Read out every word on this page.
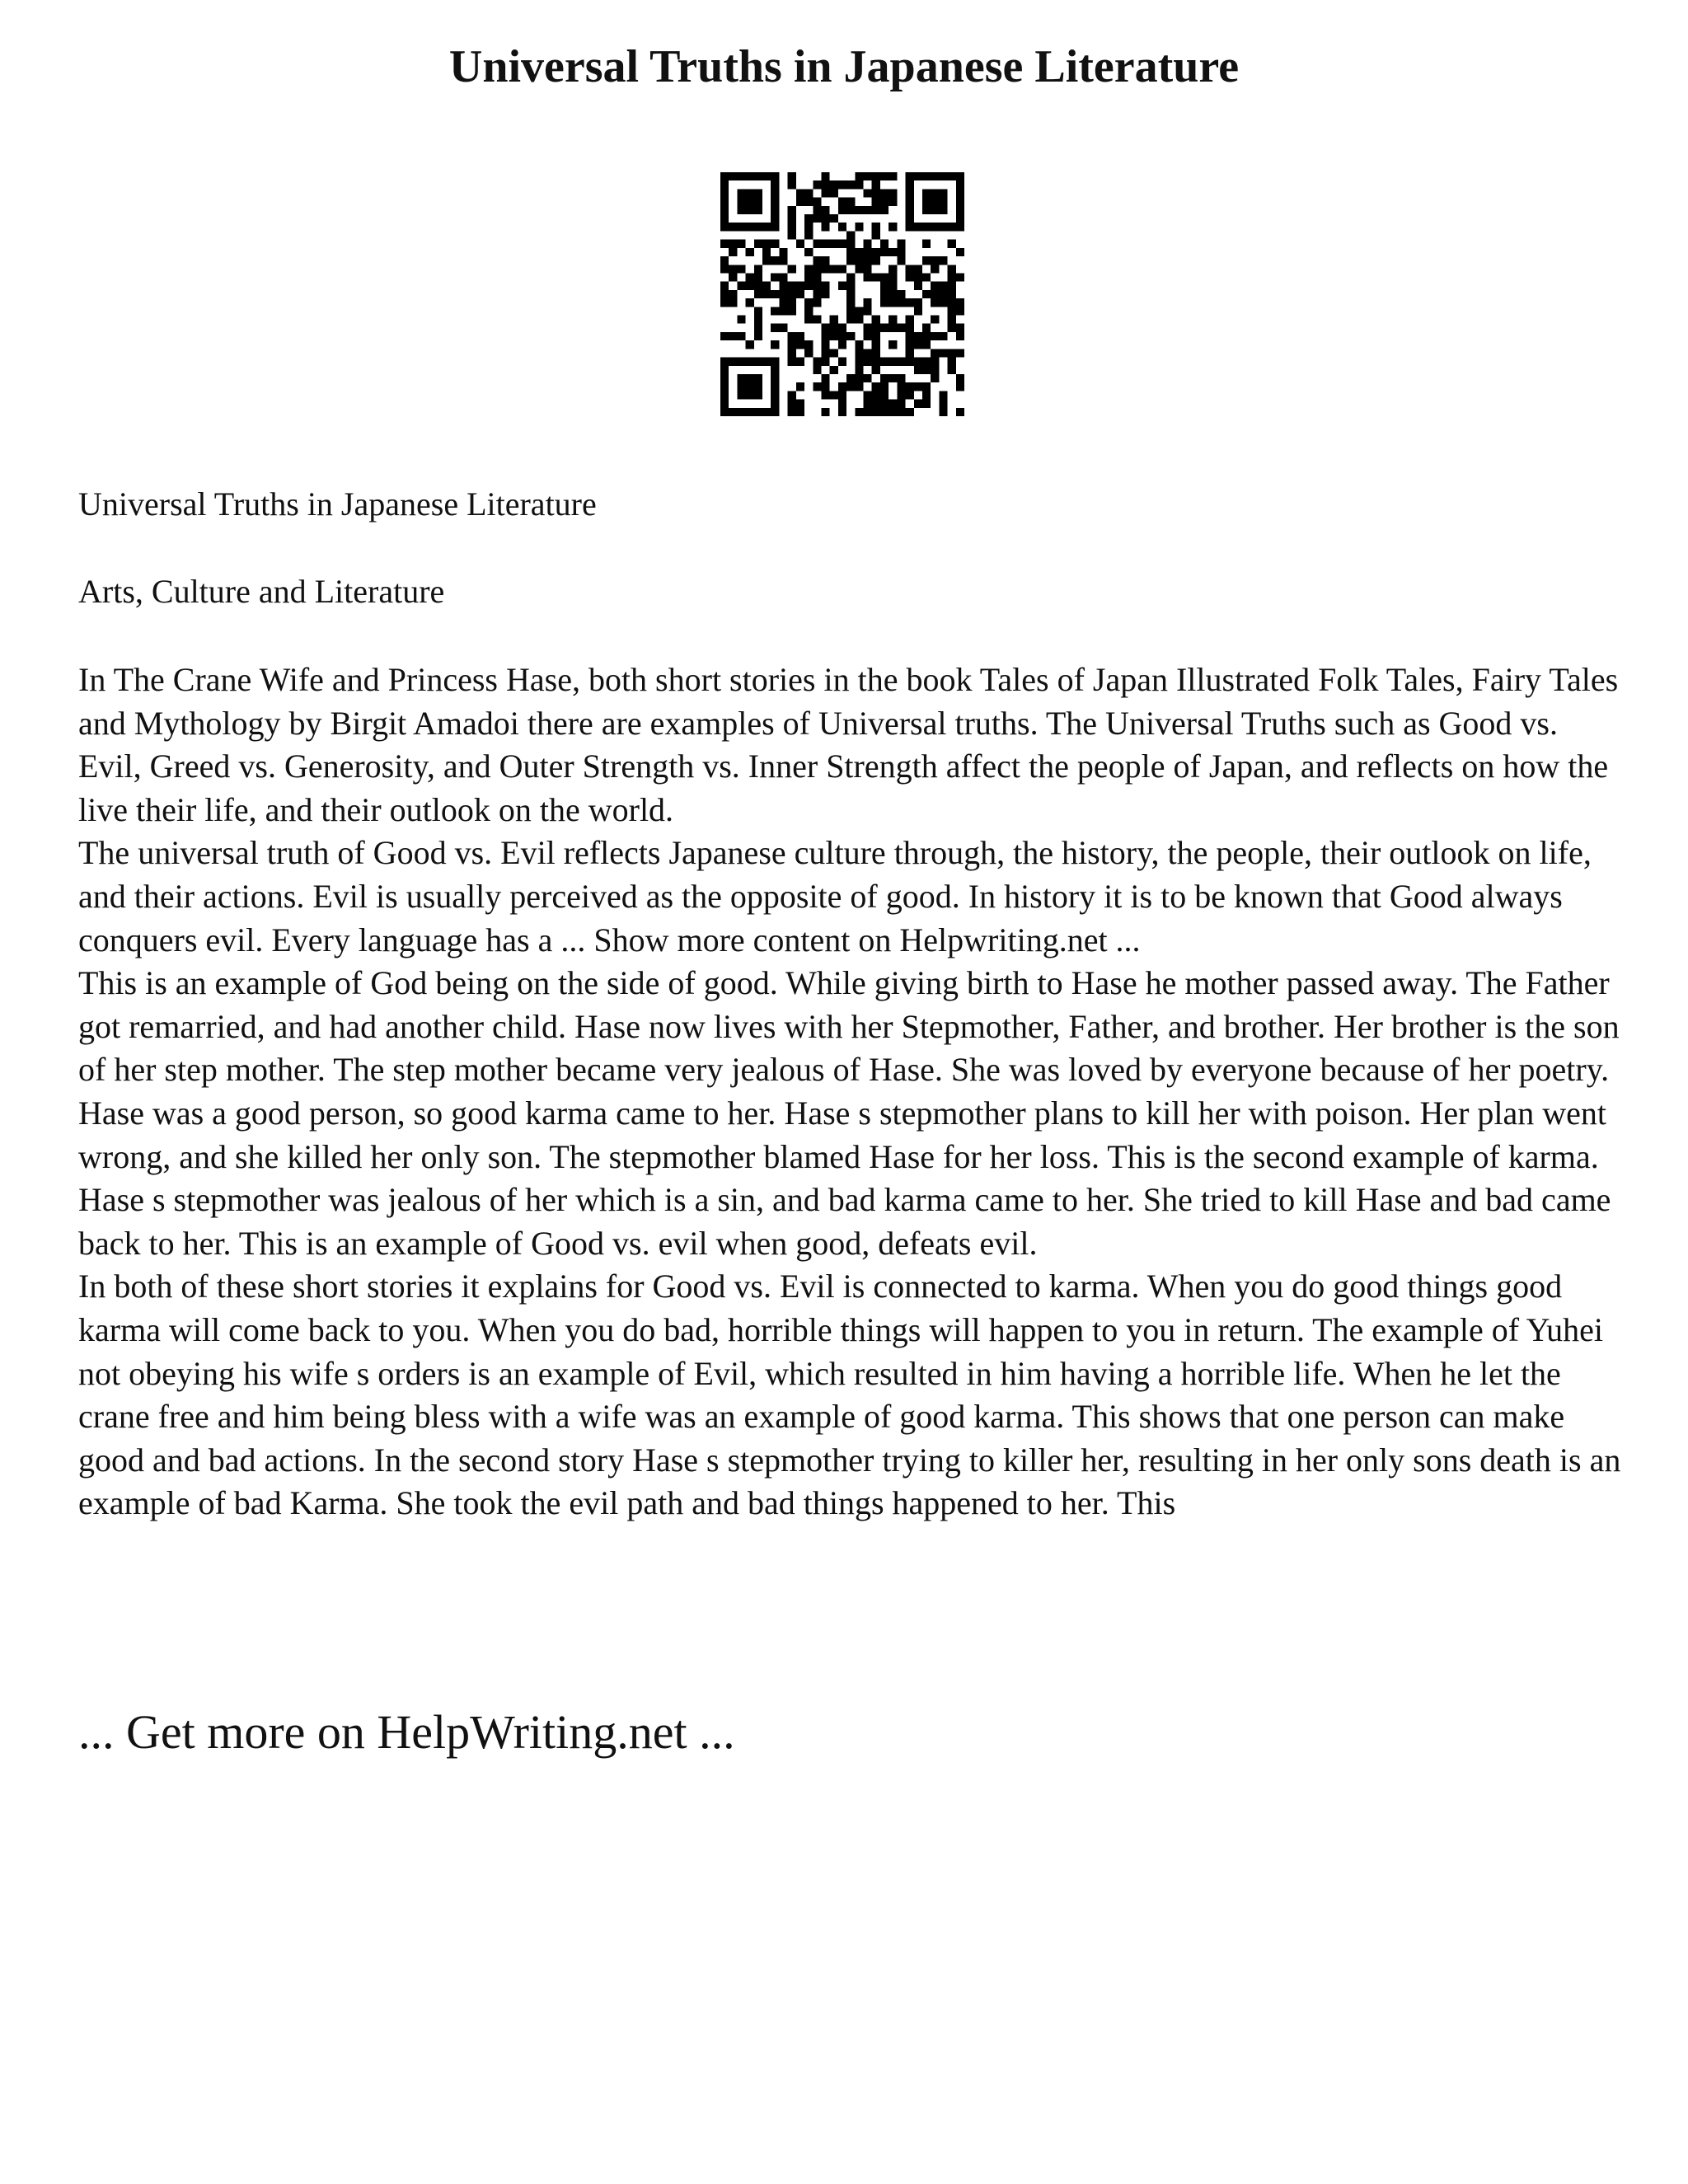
Universal Truths in Japanese Literature

Universal Truths in Japanese Literature

Arts, Culture and Literature

In The Crane Wife and Princess Hase, both short stories in the book Tales of Japan Illustrated Folk Tales, Fairy Tales and Mythology by Birgit Amadoi there are examples of Universal truths. The Universal Truths such as Good vs. Evil, Greed vs. Generosity, and Outer Strength vs. Inner Strength affect the people of Japan, and reflects on how the live their life, and their outlook on the world.

The universal truth of Good vs. Evil reflects Japanese culture through, the history, the people, their outlook on life, and their actions. Evil is usually perceived as the opposite of good. In history it is to be known that Good always conquers evil. Every language has a ... Show more content on Helpwriting.net ...

This is an example of God being on the side of good. While giving birth to Hase he mother passed away. The Father got remarried, and had another child. Hase now lives with her Stepmother, Father, and brother. Her brother is the son of her step mother. The step mother became very jealous of Hase. She was loved by everyone because of her poetry. Hase was a good person, so good karma came to her. Hase s stepmother plans to kill her with poison. Her plan went wrong, and she killed her only son. The stepmother blamed Hase for her loss. This is the second example of karma. Hase s stepmother was jealous of her which is a sin, and bad karma came to her. She tried to kill Hase and bad came back to her. This is an example of Good vs. evil when good, defeats evil.

In both of these short stories it explains for Good vs. Evil is connected to karma. When you do good things good karma will come back to you. When you do bad, horrible things will happen to you in return. The example of Yuhei not obeying his wife s orders is an example of Evil, which resulted in him having a horrible life. When he let the crane free and him being bless with a wife was an example of good karma. This shows that one person can make good and bad actions. In the second story Hase s stepmother trying to killer her, resulting in her only sons death is an example of bad Karma. She took the evil path and bad things happened to her. This

... Get more on HelpWriting.net ...
